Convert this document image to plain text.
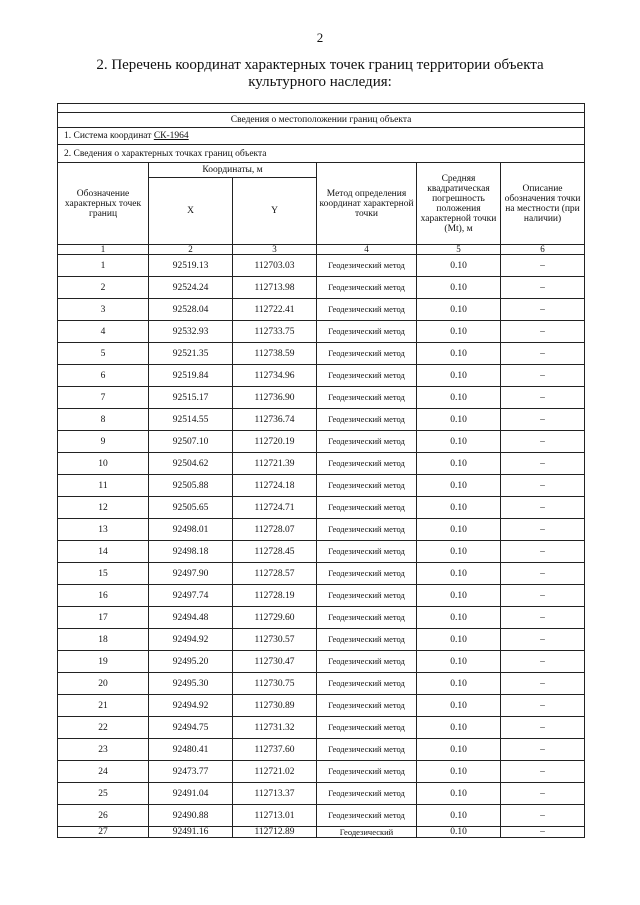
2
2. Перечень координат характерных точек границ территории объекта культурного наследия:

Сведения о местоположении границ объекта					
1. Система координат СК-1964					
2. Сведения о характерных точках границ объекта					
Обозначение характерных точек границ	Координаты, м		Метод определения координат характерной точки	Средняя квадратическая погрешность положения характерной точки (Мt), м	Описание обозначения точки на местности (при наличии)
	X	Y			
1	2	3	4	5	6
1	92519.13	112703.03	Геодезический метод	0.10	–
2	92524.24	112713.98	Геодезический метод	0.10	–
3	92528.04	112722.41	Геодезический метод	0.10	–
4	92532.93	112733.75	Геодезический метод	0.10	–
5	92521.35	112738.59	Геодезический метод	0.10	–
6	92519.84	112734.96	Геодезический метод	0.10	–
7	92515.17	112736.90	Геодезический метод	0.10	–
8	92514.55	112736.74	Геодезический метод	0.10	–
9	92507.10	112720.19	Геодезический метод	0.10	–
10	92504.62	112721.39	Геодезический метод	0.10	–
11	92505.88	112724.18	Геодезический метод	0.10	–
12	92505.65	112724.71	Геодезический метод	0.10	–
13	92498.01	112728.07	Геодезический метод	0.10	–
14	92498.18	112728.45	Геодезический метод	0.10	–
15	92497.90	112728.57	Геодезический метод	0.10	–
16	92497.74	112728.19	Геодезический метод	0.10	–
17	92494.48	112729.60	Геодезический метод	0.10	–
18	92494.92	112730.57	Геодезический метод	0.10	–
19	92495.20	112730.47	Геодезический метод	0.10	–
20	92495.30	112730.75	Геодезический метод	0.10	–
21	92494.92	112730.89	Геодезический метод	0.10	–
22	92494.75	112731.32	Геодезический метод	0.10	–
23	92480.41	112737.60	Геодезический метод	0.10	–
24	92473.77	112721.02	Геодезический метод	0.10	–
25	92491.04	112713.37	Геодезический метод	0.10	–
26	92490.88	112713.01	Геодезический метод	0.10	–
27	92491.16	112712.89	Геодезический	0.10	–
